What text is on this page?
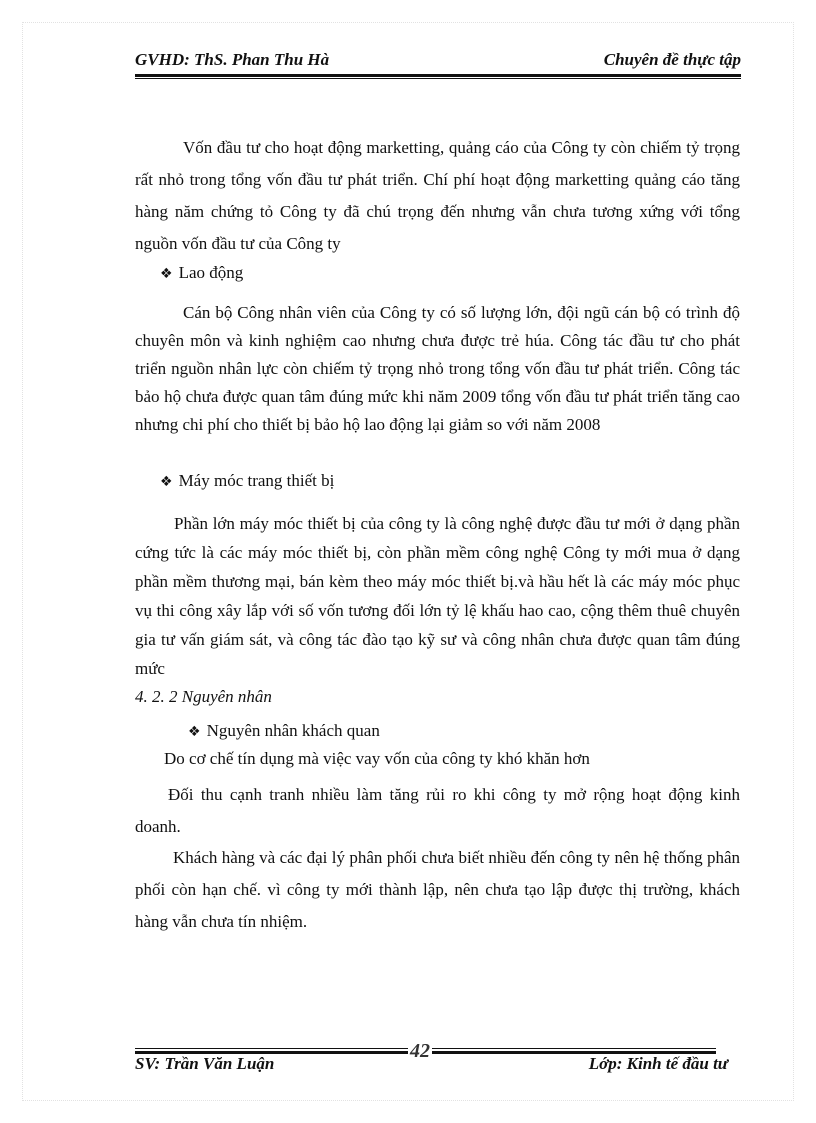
GVHD: ThS. Phan Thu Hà	Chuyên đề thực tập

Vốn đầu tư cho hoạt động marketting, quảng cáo của Công ty còn chiếm tỷ trọng rất nhỏ trong tổng vốn đầu tư phát triển. Chí phí hoạt động marketting quảng cáo tăng hàng năm chứng tỏ Công ty đã chú trọng đến nhưng vẫn chưa tương xứng với tổng nguồn vốn đầu tư của Công ty

❖ Lao động

Cán bộ Công nhân viên của Công ty có số lượng lớn, đội ngũ cán bộ có trình độ chuyên môn và kinh nghiệm cao nhưng chưa được trẻ húa. Công tác đầu tư cho phát triển nguồn nhân lực còn chiếm tỷ trọng nhỏ trong tổng vốn đầu tư phát triển. Công tác bảo hộ chưa được quan tâm đúng mức khi năm 2009 tổng vốn đầu tư phát triển tăng cao nhưng chi phí cho thiết bị bảo hộ lao động lại giảm so với năm 2008

❖ Máy móc trang thiết bị

Phần lớn máy móc thiết bị của công ty là công nghệ được đầu tư mới ở dạng phần cứng tức là các máy móc thiết bị, còn phần mềm công nghệ Công ty mới mua ở dạng phần mềm thương mại, bán kèm theo máy móc thiết bị.và hầu hết là các máy móc phục vụ thi công xây lắp với số vốn tương đối lớn tỷ lệ khấu hao cao, cộng thêm thuê chuyên gia tư vấn giám sát, và công tác đào tạo kỹ sư và công nhân chưa được quan tâm đúng mức

4. 2. 2 Nguyên nhân

❖ Nguyên nhân khách quan

Do cơ chế tín dụng mà việc vay vốn của công ty khó khăn hơn

Đối thu cạnh tranh nhiều làm tăng rủi ro khi công ty mở rộng hoạt động kinh doanh.

Khách hàng và các đại lý phân phối chưa biết nhiều đến công ty nên hệ thống phân phối còn hạn chế. vì công ty mới thành lập, nên chưa tạo lập được thị trường, khách hàng vẫn chưa tín nhiệm.

42
SV: Trần Văn Luận	Lớp: Kinh tế đầu tư
